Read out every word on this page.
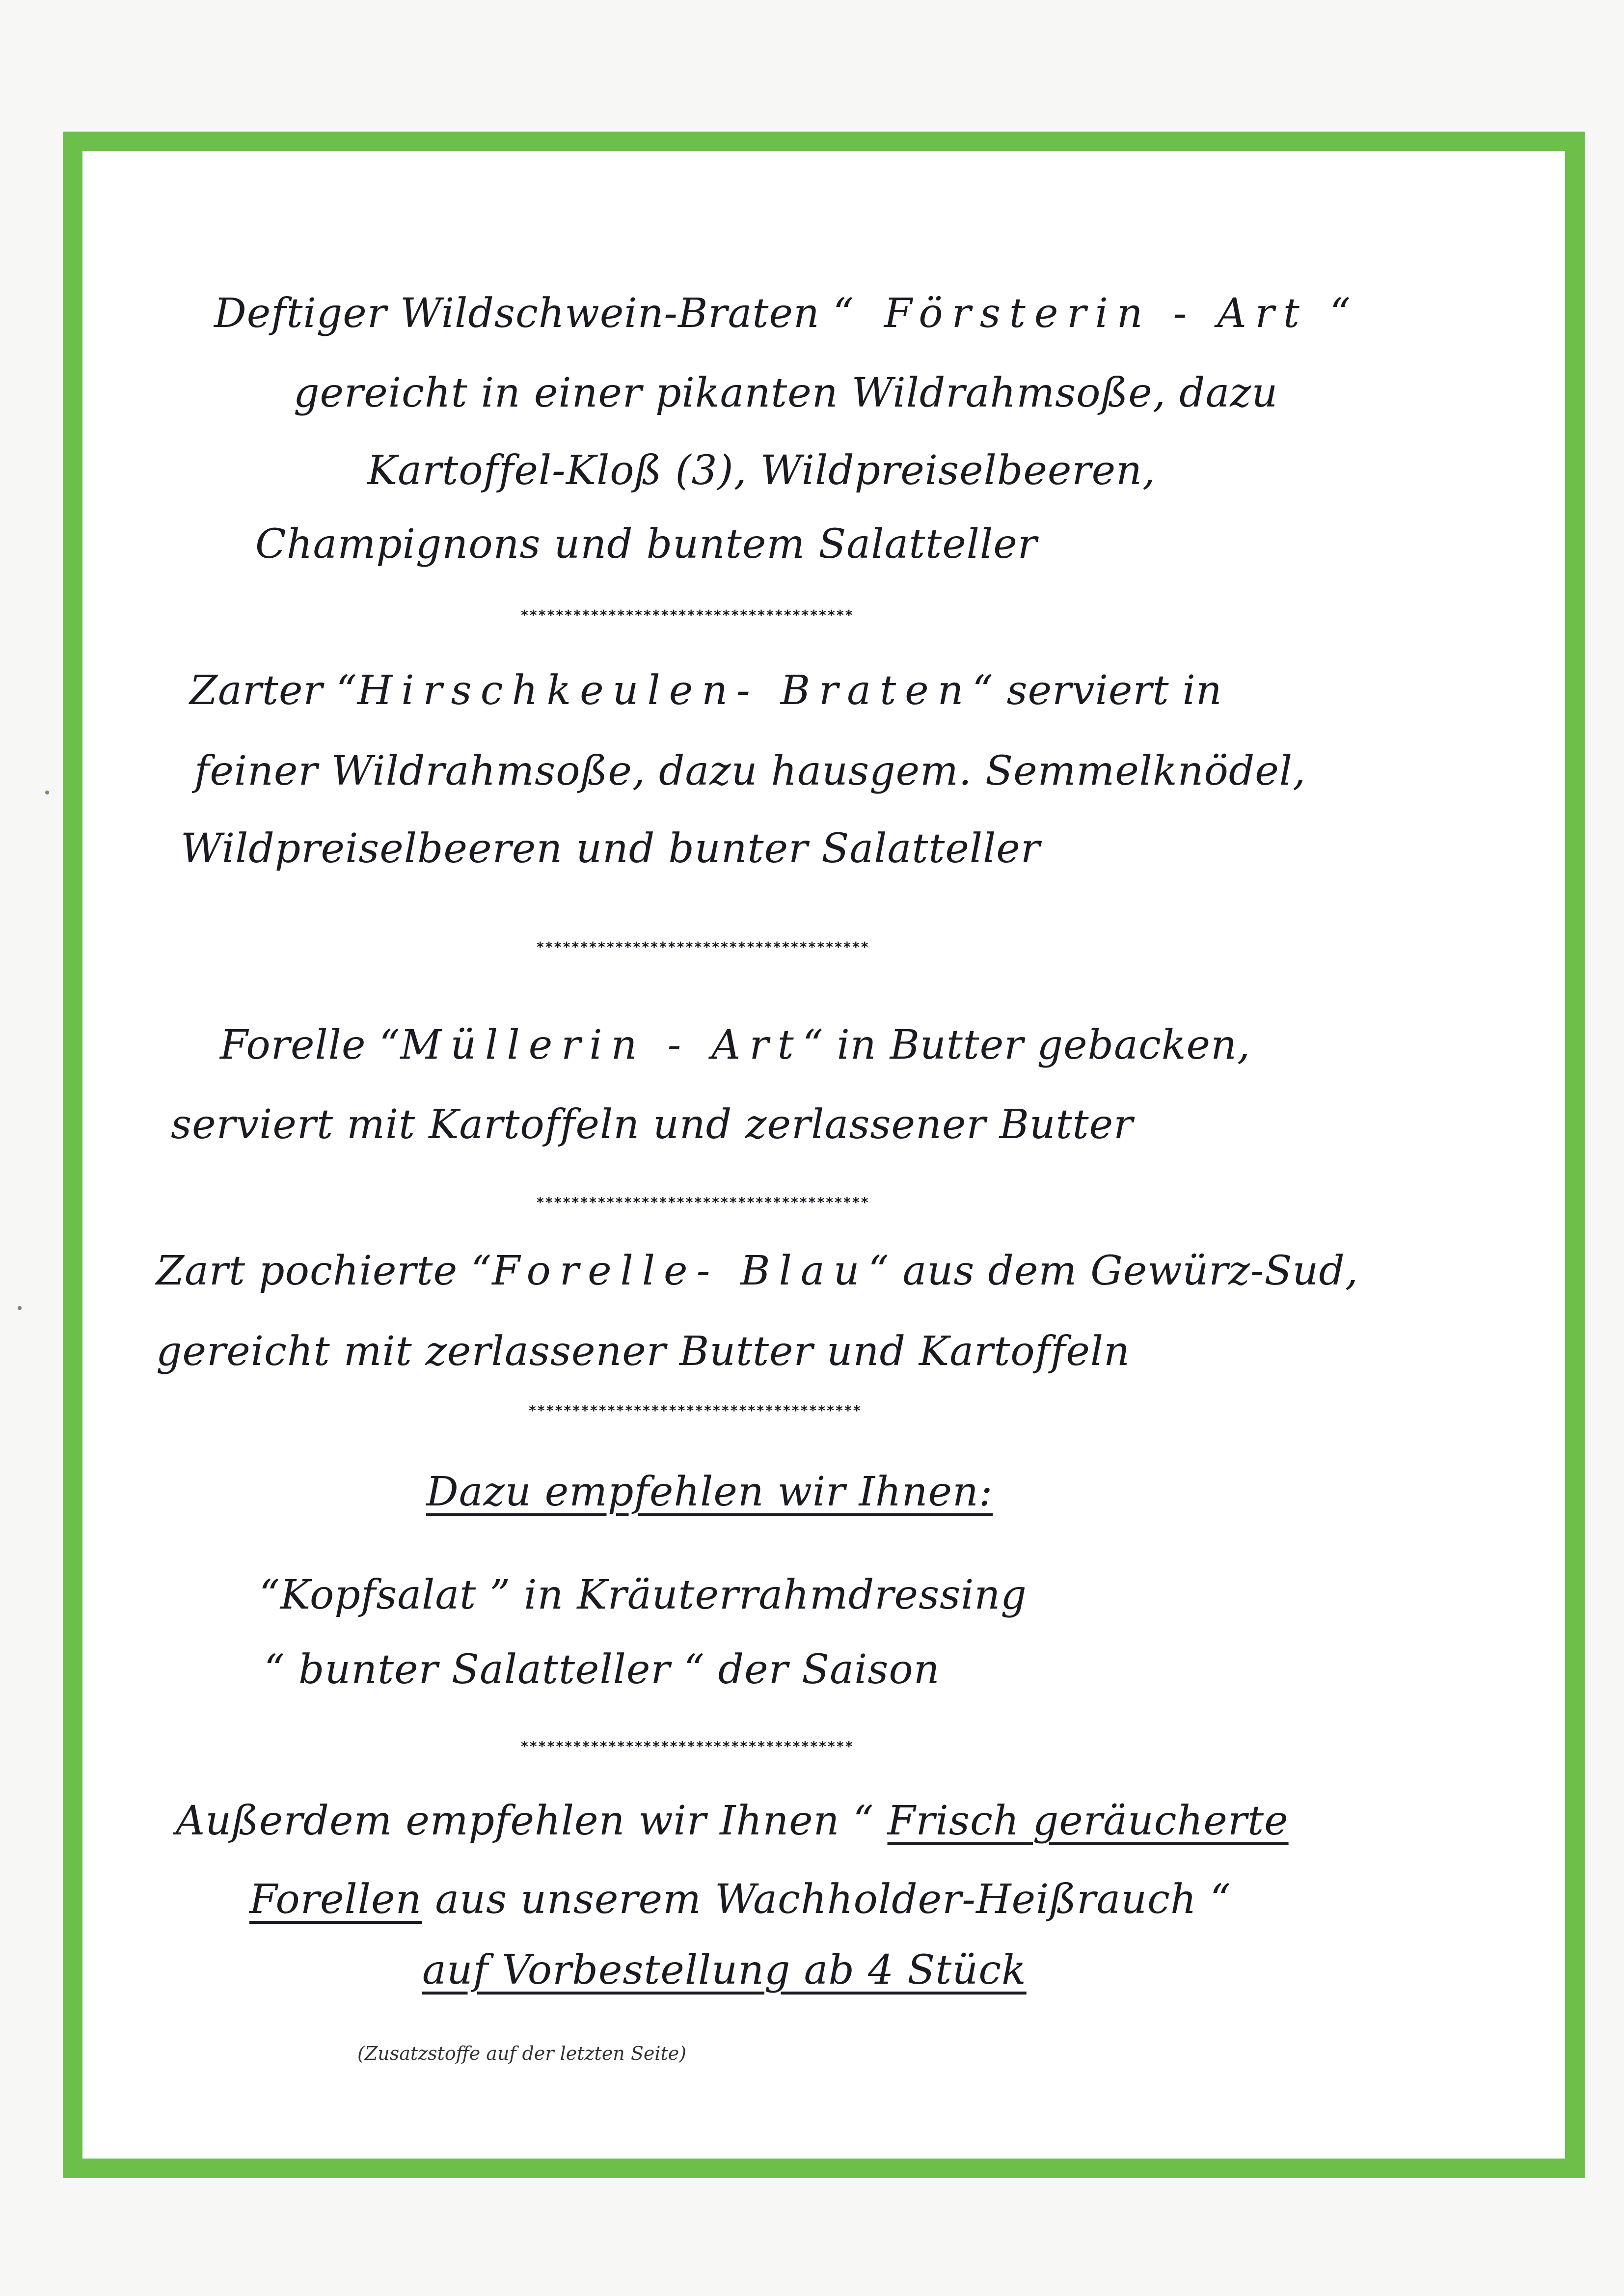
Deftiger Wildschwein-Braten “ Försterin - Art “
gereicht in einer pikanten Wildrahmsoße, dazu
Kartoffel-Kloß (3), Wildpreiselbeeren,
Champignons und buntem Salatteller
**************************************
Zarter “Hirschkeulen- Braten“ serviert in
feiner Wildrahmsoße, dazu hausgem. Semmelknödel,
Wildpreiselbeeren und bunter Salatteller
**************************************
Forelle “Müllerin - Art“ in Butter gebacken,
serviert mit Kartoffeln und zerlassener Butter
**************************************
Zart pochierte “Forelle- Blau“ aus dem Gewürz-Sud,
gereicht mit zerlassener Butter und Kartoffeln
**************************************
Dazu empfehlen wir Ihnen:
“Kopfsalat ” in Kräuterrahmdressing
“ bunter Salatteller “ der Saison
**************************************
Außerdem empfehlen wir Ihnen “ Frisch geräucherte
Forellen aus unserem Wachholder-Heißrauch “
auf Vorbestellung ab 4 Stück
(Zusatzstoffe auf der letzten Seite)
